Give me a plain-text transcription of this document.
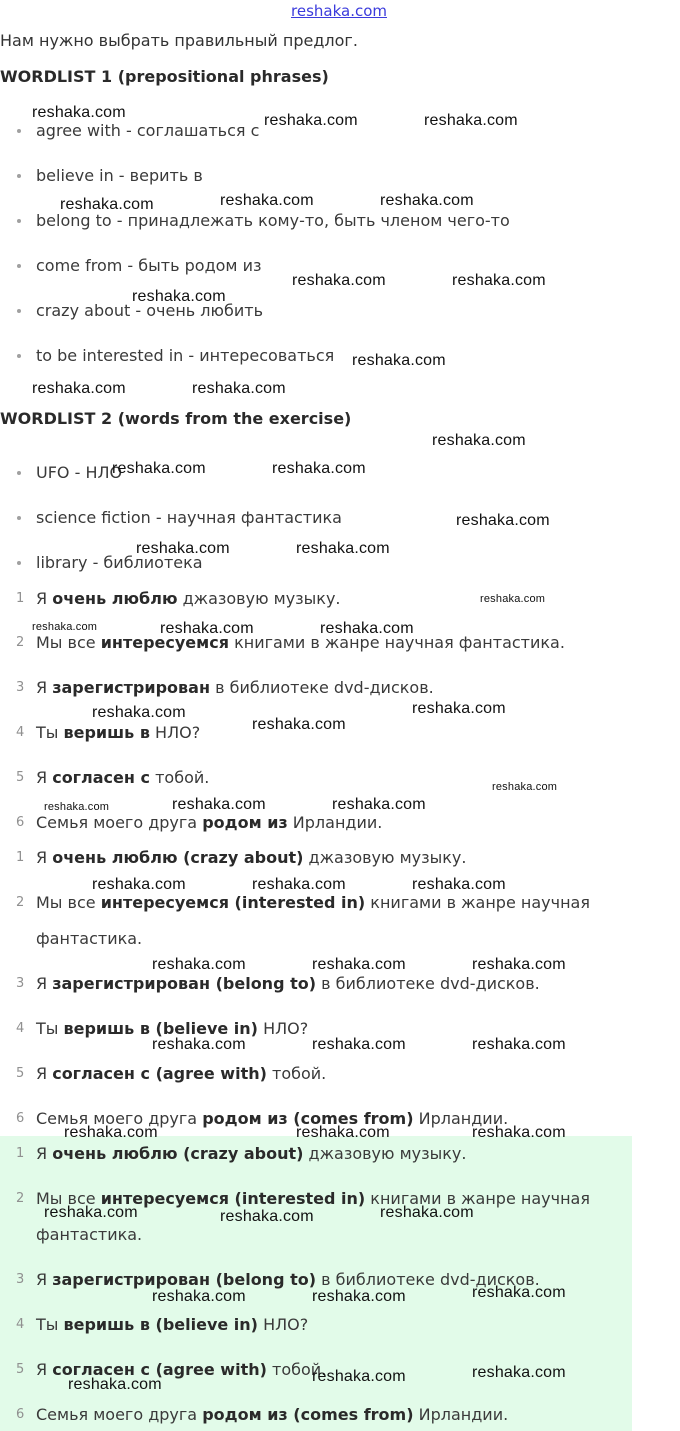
reshaka.com
Нам нужно выбрать правильный предлог.
WORDLIST 1 (prepositional phrases)
agree with - соглашаться с
believe in - верить в
belong to - принадлежать кому-то, быть членом чего-то
come from - быть родом из
crazy about - очень любить
to be interested in - интересоваться
WORDLIST 2 (words from the exercise)
UFO - НЛО
science fiction - научная фантастика
library - библиотека
1 Я очень люблю джазовую музыку.
2 Мы все интересуемся книгами в жанре научная фантастика.
3 Я зарегистрирован в библиотеке dvd-дисков.
4 Ты веришь в НЛО?
5 Я согласен с тобой.
6 Семья моего друга родом из Ирландии.
1 Я очень люблю (crazy about) джазовую музыку.
2 Мы все интересуемся (interested in) книгами в жанре научная
фантастика.
3 Я зарегистрирован (belong to) в библиотеке dvd-дисков.
4 Ты веришь в (believe in) НЛО?
5 Я согласен с (agree with) тобой.
6 Семья моего друга родом из (comes from) Ирландии.
1 Я очень люблю (crazy about) джазовую музыку.
2 Мы все интересуемся (interested in) книгами в жанре научная
фантастика.
3 Я зарегистрирован (belong to) в библиотеке dvd-дисков.
4 Ты веришь в (believe in) НЛО?
5 Я согласен с (agree with) тобой.
6 Семья моего друга родом из (comes from) Ирландии.
reshaka.com	reshaka.com	reshaka.com
reshaka.com	reshaka.com	reshaka.com
reshaka.com	reshaka.com
reshaka.com
reshaka.com
reshaka.com	reshaka.com
reshaka.com
reshaka.com	reshaka.com
reshaka.com
reshaka.com	reshaka.com
reshaka.com
reshaka.com	reshaka.com	reshaka.com
reshaka.com	reshaka.com
reshaka.com
reshaka.com
reshaka.com	reshaka.com	reshaka.com
reshaka.com	reshaka.com	reshaka.com
reshaka.com	reshaka.com	reshaka.com
reshaka.com	reshaka.com	reshaka.com
reshaka.com	reshaka.com	reshaka.com
reshaka.com	reshaka.com	reshaka.com
reshaka.com
reshaka.com	reshaka.com
reshaka.com
reshaka.com
reshaka.com
